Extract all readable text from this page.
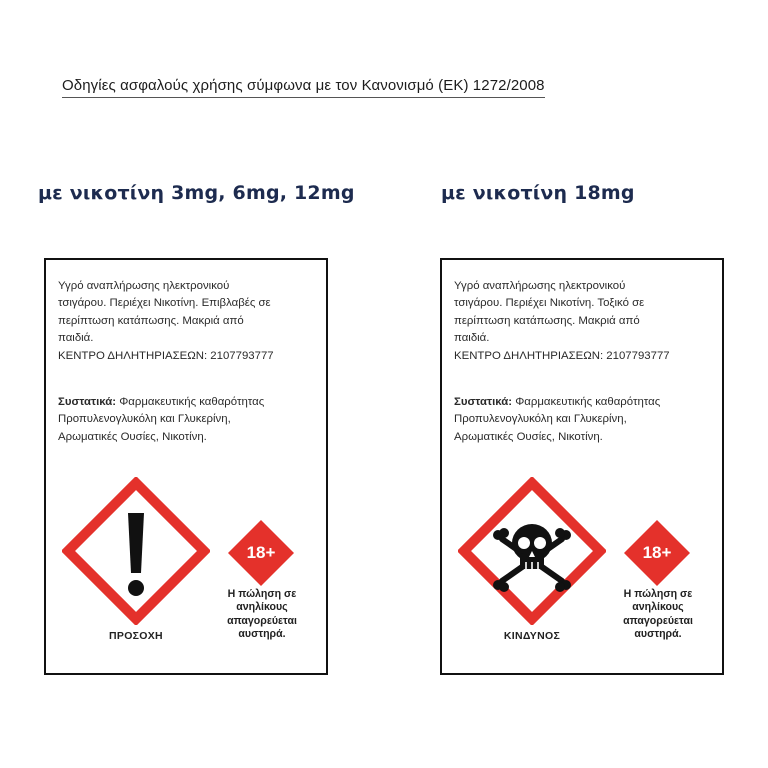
Οδηγίες ασφαλούς χρήσης σύμφωνα με τον Κανονισμό (ΕΚ) 1272/2008
με νικοτίνη 3mg, 6mg, 12mg	με νικοτίνη 18mg
Υγρό αναπλήρωσης ηλεκτρονικού
τσιγάρου. Περιέχει Νικοτίνη. Επιβλαβές σε
περίπτωση κατάπωσης. Μακριά από
παιδιά.
ΚΕΝΤΡΟ ΔΗΛΗΤΗΡΙΑΣΕΩΝ: 2107793777
Συστατικά: Φαρμακευτικής καθαρότητας
Προπυλενογλυκόλη και Γλυκερίνη,
Αρωματικές Ουσίες, Νικοτίνη.
ΠΡΟΣΟΧΗ
18+
Η πώληση σε
ανηλίκους
απαγορεύεται
αυστηρά.
Υγρό αναπλήρωσης ηλεκτρονικού
τσιγάρου. Περιέχει Νικοτίνη. Τοξικό σε
περίπτωση κατάπωσης. Μακριά από
παιδιά.
ΚΕΝΤΡΟ ΔΗΛΗΤΗΡΙΑΣΕΩΝ: 2107793777
Συστατικά: Φαρμακευτικής καθαρότητας
Προπυλενογλυκόλη και Γλυκερίνη,
Αρωματικές Ουσίες, Νικοτίνη.
ΚΙΝΔΥΝΟΣ
18+
Η πώληση σε
ανηλίκους
απαγορεύεται
αυστηρά.
